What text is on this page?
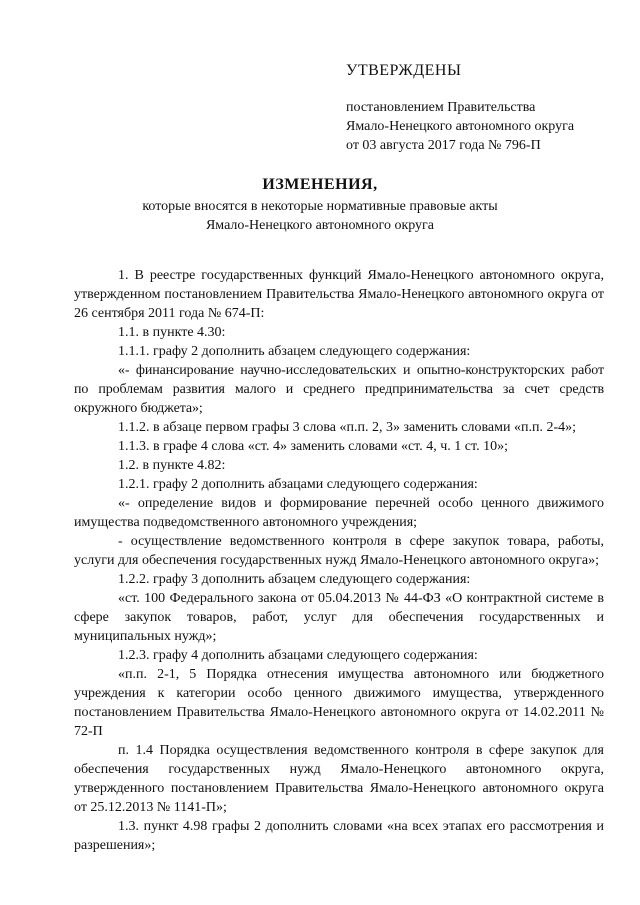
УТВЕРЖДЕНЫ
постановлением Правительства
Ямало-Ненецкого автономного округа
от 03 августа 2017 года № 796-П
ИЗМЕНЕНИЯ,
которые вносятся в некоторые нормативные правовые акты
Ямало-Ненецкого автономного округа

1. В реестре государственных функций Ямало-Ненецкого автономного округа, утвержденном постановлением Правительства Ямало-Ненецкого автономного округа от 26 сентября 2011 года № 674-П:

1.1. в пункте 4.30:

1.1.1. графу 2 дополнить абзацем следующего содержания:

«- финансирование научно-исследовательских и опытно-конструкторских работ по проблемам развития малого и среднего предпринимательства за счет средств окружного бюджета»;

1.1.2. в абзаце первом графы 3 слова «п.п. 2, 3» заменить словами «п.п. 2-4»;

1.1.3. в графе 4 слова «ст. 4» заменить словами «ст. 4, ч. 1 ст. 10»;

1.2. в пункте 4.82:

1.2.1. графу 2 дополнить абзацами следующего содержания:

«- определение видов и формирование перечней особо ценного движимого имущества подведомственного автономного учреждения;

- осуществление ведомственного контроля в сфере закупок товара, работы, услуги для обеспечения государственных нужд Ямало-Ненецкого автономного округа»;

1.2.2. графу 3 дополнить абзацем следующего содержания:

«ст. 100 Федерального закона от 05.04.2013 № 44-ФЗ «О контрактной системе в сфере закупок товаров, работ, услуг для обеспечения государственных и муниципальных нужд»;

1.2.3. графу 4 дополнить абзацами следующего содержания:

«п.п. 2-1, 5 Порядка отнесения имущества автономного или бюджетного учреждения к категории особо ценного движимого имущества, утвержденного постановлением Правительства Ямало-Ненецкого автономного округа от 14.02.2011 № 72-П

п. 1.4 Порядка осуществления ведомственного контроля в сфере закупок для обеспечения государственных нужд Ямало-Ненецкого автономного округа, утвержденного постановлением Правительства Ямало-Ненецкого автономного округа от 25.12.2013 № 1141-П»;

1.3. пункт 4.98 графы 2 дополнить словами «на всех этапах его рассмотрения и разрешения»;
